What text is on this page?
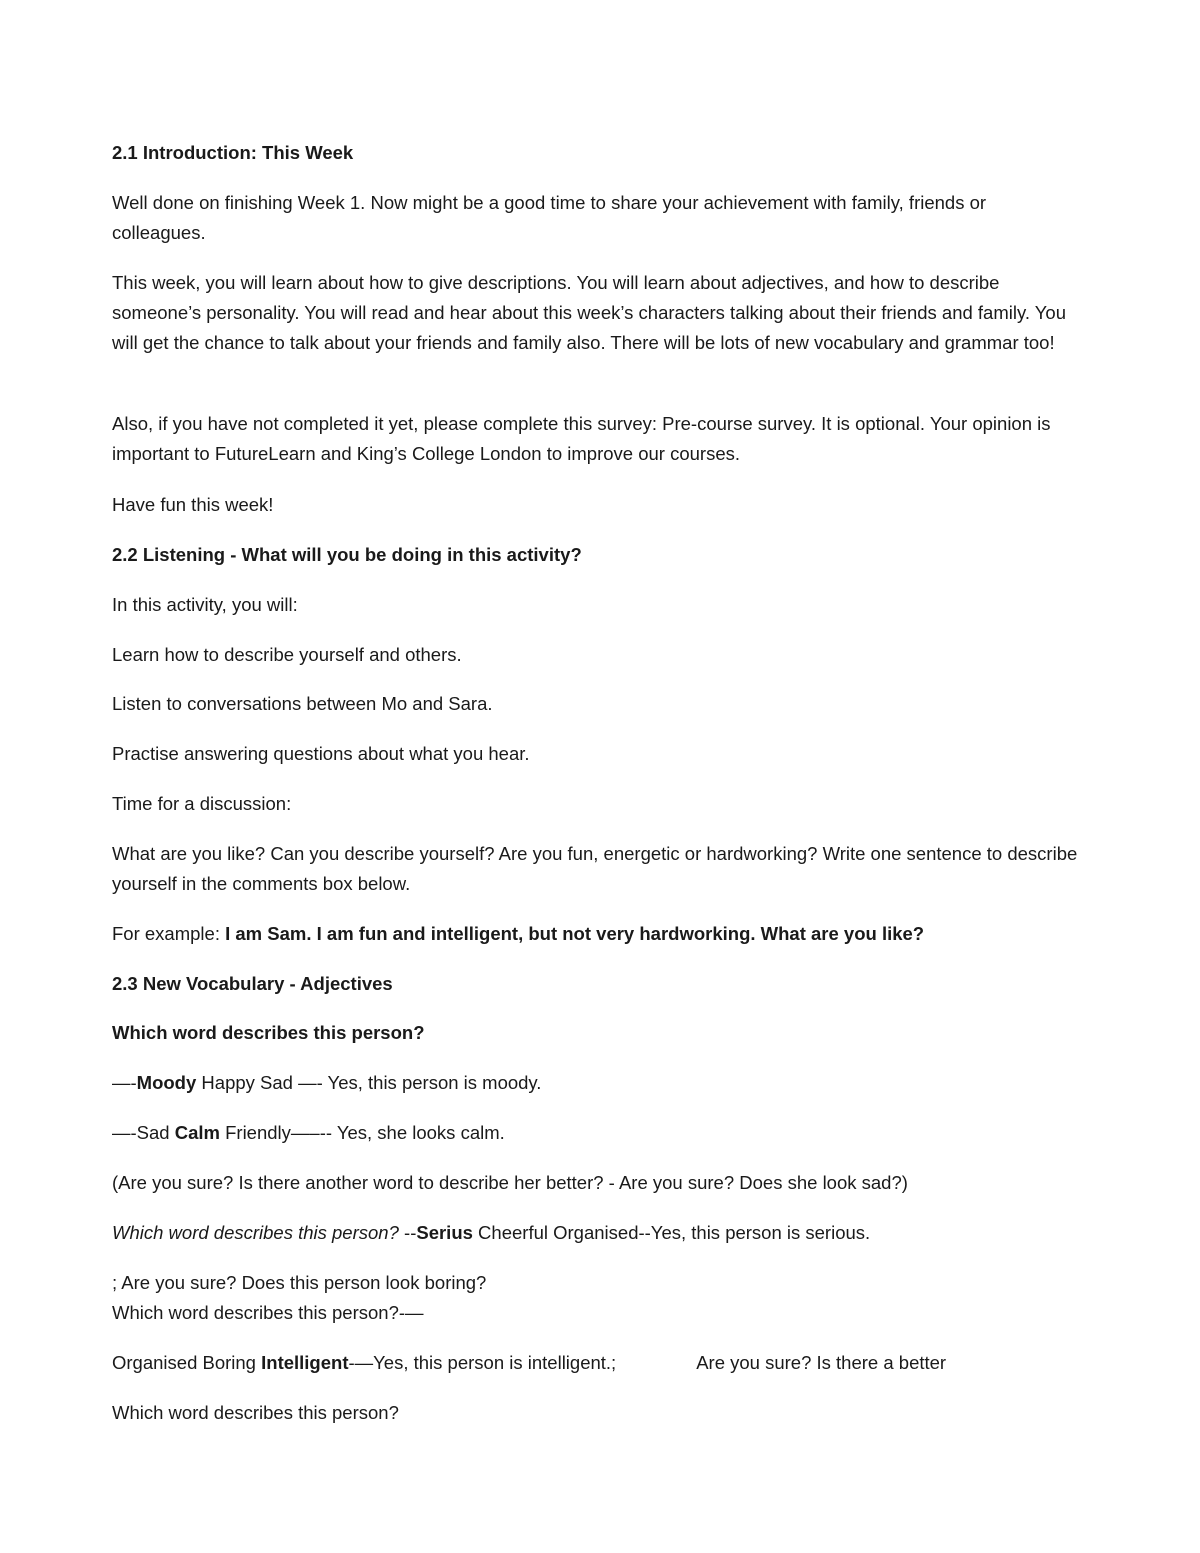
2.1 Introduction: This Week
Well done on finishing Week 1. Now might be a good time to share your achievement with family, friends or colleagues.
This week, you will learn about how to give descriptions. You will learn about adjectives, and how to describe someone’s personality. You will read and hear about this week’s characters talking about their friends and family. You will get the chance to talk about your friends and family also. There will be lots of new vocabulary and grammar too!
Also, if you have not completed it yet, please complete this survey: Pre-course survey. It is optional. Your opinion is important to FutureLearn and King’s College London to improve our courses.
Have fun this week!
2.2 Listening - What will you be doing in this activity?
In this activity, you will:
Learn how to describe yourself and others.
Listen to conversations between Mo and Sara.
Practise answering questions about what you hear.
Time for a discussion:
What are you like? Can you describe yourself? Are you fun, energetic or hardworking? Write one sentence to describe yourself in the comments box below.
For example: I am Sam. I am fun and intelligent, but not very hardworking. What are you like?
2.3 New Vocabulary - Adjectives
Which word describes this person?
—-Moody Happy Sad —- Yes, this person is moody.
—-Sad Calm Friendly—–-- Yes, she looks calm.
(Are you sure? Is there another word to describe her better? - Are you sure? Does she look sad?)
Which word describes this person? --Serius Cheerful Organised--Yes, this person is serious.
; Are you sure? Does this person look boring?
Which word describes this person?-—
Organised Boring Intelligent-—Yes, this person is intelligent.;	Are you sure? Is there a better
Which word describes this person?
